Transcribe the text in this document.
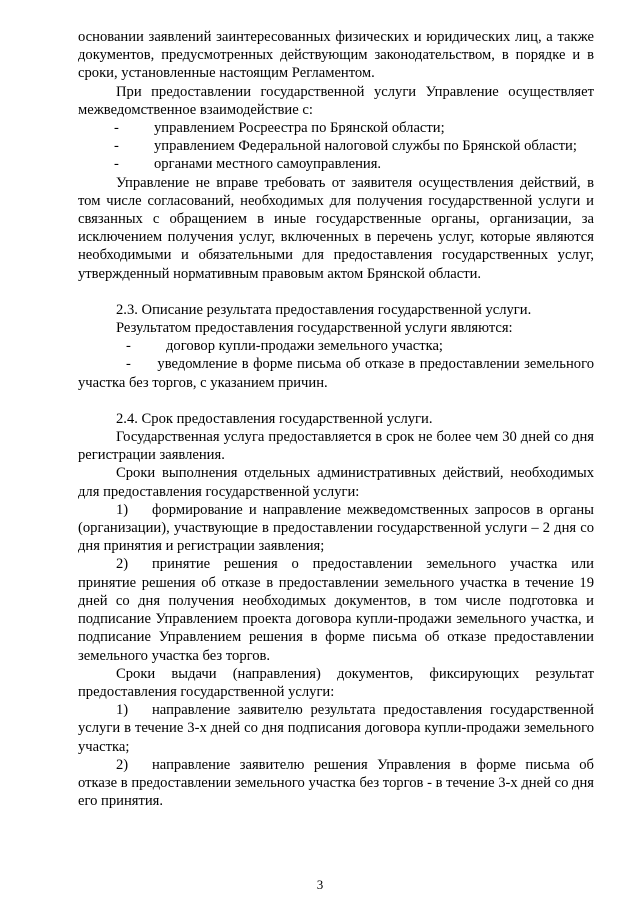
основании заявлений заинтересованных физических и юридических лиц, а также документов, предусмотренных действующим законодательством, в порядке и в сроки, установленные настоящим Регламентом.

При предоставлении государственной услуги Управление осуществляет межведомственное взаимодействие с:

-	управлением Росреестра по Брянской области;
-	управлением Федеральной налоговой службы по Брянской области;
-	органами местного самоуправления.

Управление не вправе требовать от заявителя осуществления действий, в том числе согласований, необходимых для получения государственной услуги и связанных с обращением в иные государственные органы, организации, за исключением получения услуг, включенных в перечень услуг, которые являются необходимыми и обязательными для предоставления государственных услуг, утвержденный нормативным правовым актом Брянской области.

2.3. Описание результата предоставления государственной услуги.

Результатом предоставления государственной услуги являются:

-	договор купли-продажи земельного участка;

-      уведомление в форме письма об отказе в предоставлении земельного участка без торгов, с указанием причин.

2.4. Срок предоставления государственной услуги.

Государственная услуга предоставляется в срок не более чем 30 дней со дня регистрации заявления.

Сроки выполнения отдельных административных действий, необходимых для предоставления государственной услуги:

1) формирование и направление межведомственных запросов в органы (организации), участвующие в предоставлении государственной услуги – 2 дня со дня принятия и регистрации заявления;

2) принятие решения о предоставлении земельного участка или принятие решения об отказе в предоставлении земельного участка в течение 19 дней со дня получения необходимых документов, в том числе подготовка и подписание Управлением проекта договора купли-продажи земельного участка, и подписание Управлением решения в форме письма об отказе предоставлении земельного участка без торгов.

Сроки выдачи (направления) документов, фиксирующих результат предоставления государственной услуги:

1) направление заявителю результата предоставления государственной услуги в течение 3-х дней со дня подписания договора купли-продажи земельного участка;

2) направление заявителю решения Управления в форме письма об отказе в предоставлении земельного участка без торгов - в течение 3-х дней со дня его принятия.

3
